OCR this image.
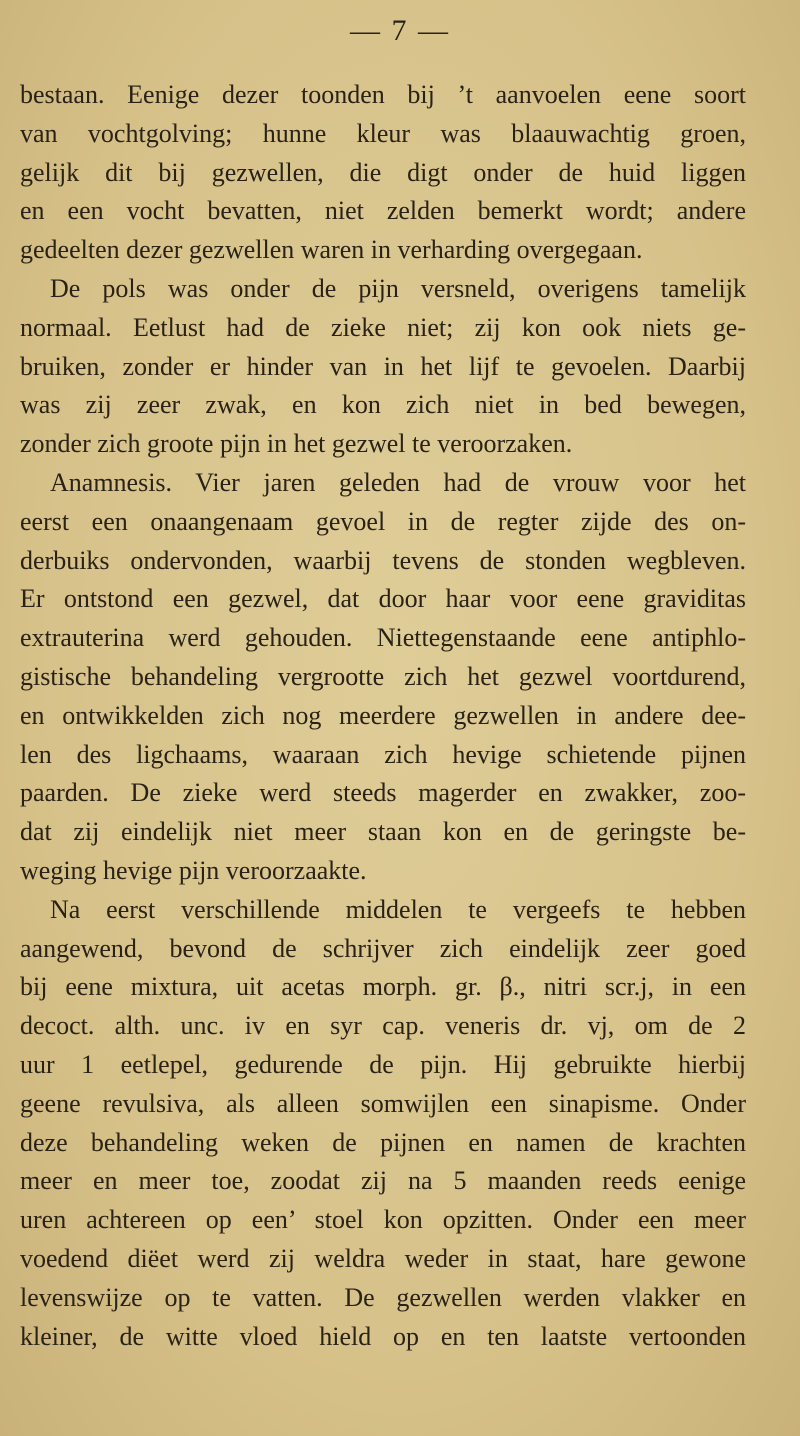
— 7 —
bestaan. Eenige dezer toonden bij ’t aanvoelen eene soort
van vochtgolving; hunne kleur was blaauwachtig groen,
gelijk dit bij gezwellen, die digt onder de huid liggen
en een vocht bevatten, niet zelden bemerkt wordt; andere
gedeelten dezer gezwellen waren in verharding overgegaan.
De pols was onder de pijn versneld, overigens tamelijk
normaal. Eetlust had de zieke niet; zij kon ook niets ge-
bruiken, zonder er hinder van in het lijf te gevoelen. Daarbij
was zij zeer zwak, en kon zich niet in bed bewegen,
zonder zich groote pijn in het gezwel te veroorzaken.
Anamnesis. Vier jaren geleden had de vrouw voor het
eerst een onaangenaam gevoel in de regter zijde des on-
derbuiks ondervonden, waarbij tevens de stonden wegbleven.
Er ontstond een gezwel, dat door haar voor eene graviditas
extrauterina werd gehouden. Niettegenstaande eene antiphlo-
gistische behandeling vergrootte zich het gezwel voortdurend,
en ontwikkelden zich nog meerdere gezwellen in andere dee-
len des ligchaams, waaraan zich hevige schietende pijnen
paarden. De zieke werd steeds magerder en zwakker, zoo-
dat zij eindelijk niet meer staan kon en de geringste be-
weging hevige pijn veroorzaakte.
Na eerst verschillende middelen te vergeefs te hebben
aangewend, bevond de schrijver zich eindelijk zeer goed
bij eene mixtura, uit acetas morph. gr. β., nitri scr.j, in een
decoct. alth. unc. iv en syr cap. veneris dr. vj, om de 2
uur 1 eetlepel, gedurende de pijn. Hij gebruikte hierbij
geene revulsiva, als alleen somwijlen een sinapisme. Onder
deze behandeling weken de pijnen en namen de krachten
meer en meer toe, zoodat zij na 5 maanden reeds eenige
uren achtereen op een’ stoel kon opzitten. Onder een meer
voedend diëet werd zij weldra weder in staat, hare gewone
levenswijze op te vatten. De gezwellen werden vlakker en
kleiner, de witte vloed hield op en ten laatste vertoonden
